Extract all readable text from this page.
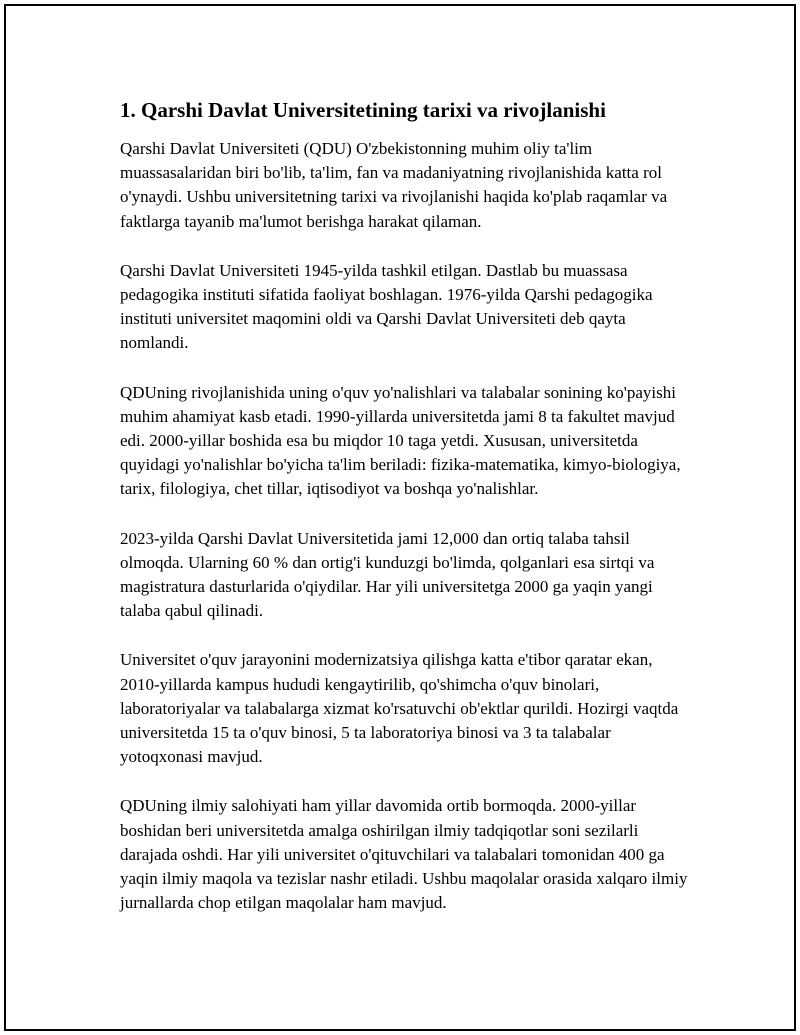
1. Qarshi Davlat Universitetining tarixi va rivojlanishi

Qarshi Davlat Universiteti (QDU) O'zbekistonning muhim oliy ta'lim muassasalaridan biri bo'lib, ta'lim, fan va madaniyatning rivojlanishida katta rol o'ynaydi. Ushbu universitetning tarixi va rivojlanishi haqida ko'plab raqamlar va faktlarga tayanib ma'lumot berishga harakat qilaman.

Qarshi Davlat Universiteti 1945-yilda tashkil etilgan. Dastlab bu muassasa pedagogika instituti sifatida faoliyat boshlagan. 1976-yilda Qarshi pedagogika instituti universitet maqomini oldi va Qarshi Davlat Universiteti deb qayta nomlandi.

QDUning rivojlanishida uning o'quv yo'nalishlari va talabalar sonining ko'payishi muhim ahamiyat kasb etadi. 1990-yillarda universitetda jami 8 ta fakultet mavjud edi. 2000-yillar boshida esa bu miqdor 10 taga yetdi. Xususan, universitetda quyidagi yo'nalishlar bo'yicha ta'lim beriladi: fizika-matematika, kimyo-biologiya, tarix, filologiya, chet tillar, iqtisodiyot va boshqa yo'nalishlar.

2023-yilda Qarshi Davlat Universitetida jami 12,000 dan ortiq talaba tahsil olmoqda. Ularning 60 % dan ortig'i kunduzgi bo'limda, qolganlari esa sirtqi va magistratura dasturlarida o'qiydilar. Har yili universitetga 2000 ga yaqin yangi talaba qabul qilinadi.

Universitet o'quv jarayonini modernizatsiya qilishga katta e'tibor qaratar ekan, 2010-yillarda kampus hududi kengaytirilib, qo'shimcha o'quv binolari, laboratoriyalar va talabalarga xizmat ko'rsatuvchi ob'ektlar qurildi. Hozirgi vaqtda universitetda 15 ta o'quv binosi, 5 ta laboratoriya binosi va 3 ta talabalar yotoqxonasi mavjud.

QDUning ilmiy salohiyati ham yillar davomida ortib bormoqda. 2000-yillar boshidan beri universitetda amalga oshirilgan ilmiy tadqiqotlar soni sezilarli darajada oshdi. Har yili universitet o'qituvchilari va talabalari tomonidan 400 ga yaqin ilmiy maqola va tezislar nashr etiladi. Ushbu maqolalar orasida xalqaro ilmiy jurnallarda chop etilgan maqolalar ham mavjud.
